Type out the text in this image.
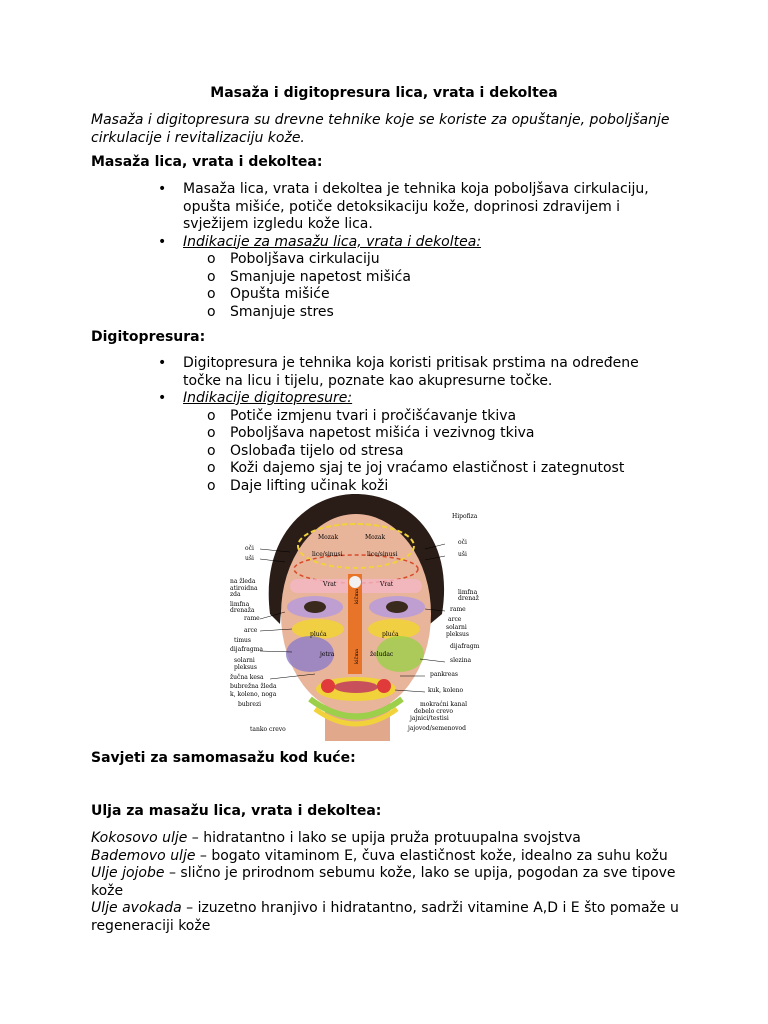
Masaža i digitopresura lica, vrata i dekoltea
Masaža i digitopresura su drevne tehnike koje se koriste za opuštanje, poboljšanje cirkulacije i revitalizaciju kože.
Masaža lica, vrata i dekoltea:
• Masaža lica, vrata i dekoltea je tehnika koja poboljšava cirkulaciju, opušta mišiće, potiče detoksikaciju kože, doprinosi zdravijem i svježijem izgledu kože lica.
• Indikacije za masažu lica, vrata i dekoltea:
o Poboljšava cirkulaciju
o Smanjuje napetost mišića
o Opušta mišiće
o Smanjuje stres
Digitopresura:
• Digitopresura je tehnika koja koristi pritisak prstima na određene točke na licu i tijelu, poznate kao akupresurne točke.
• Indikacije digitopresure:
o Potiče izmjenu tvari i pročišćavanje tkiva
o Poboljšava napetost mišića i vezivnog tkiva
o Oslobađa tijelo od stresa
o Koži dajemo sjaj te joj vraćamo elastičnost i zategnutost
o Daje lifting učinak koži
Savjeti za samomasažu kod kuće:
Ulja za masažu lica, vrata i dekoltea:
Kokosovo ulje – hidratantno i lako se upija pruža protuupalna svojstva
Bademovo ulje – bogato vitaminom E, čuva elastičnost kože, idealno za suhu kožu
Ulje jojobe – slično je prirodnom sebumu kože, lako se upija, pogodan za sve tipove kože
Ulje avokada – izuzetno hranjivo i hidratantno, sadrži vitamine A,D i E što pomaže u regeneraciji kože
Mozak	Mozak
lice/sinusi	lice/sinusi
Vrat	Vrat
pluća	pluća
jetra	želudac
kičma
kičma
oči
uši
na žleda
atiroidna
zda
limfna
drenaža
rame
arce
timus
dijafragma
solarni
pleksus
žučna kesa
bubrežna žleda
k, koleno, noga
bubrezi
tanko crevo
Hipofiza
oči
uši
limfna
drenaž
rame
arce
solarni
pleksus
dijafragm
slezina
pankreas
kuk, koleno
mokraćni kanal
debelo crevo
jajnici/testisi
jajovod/semenovod
